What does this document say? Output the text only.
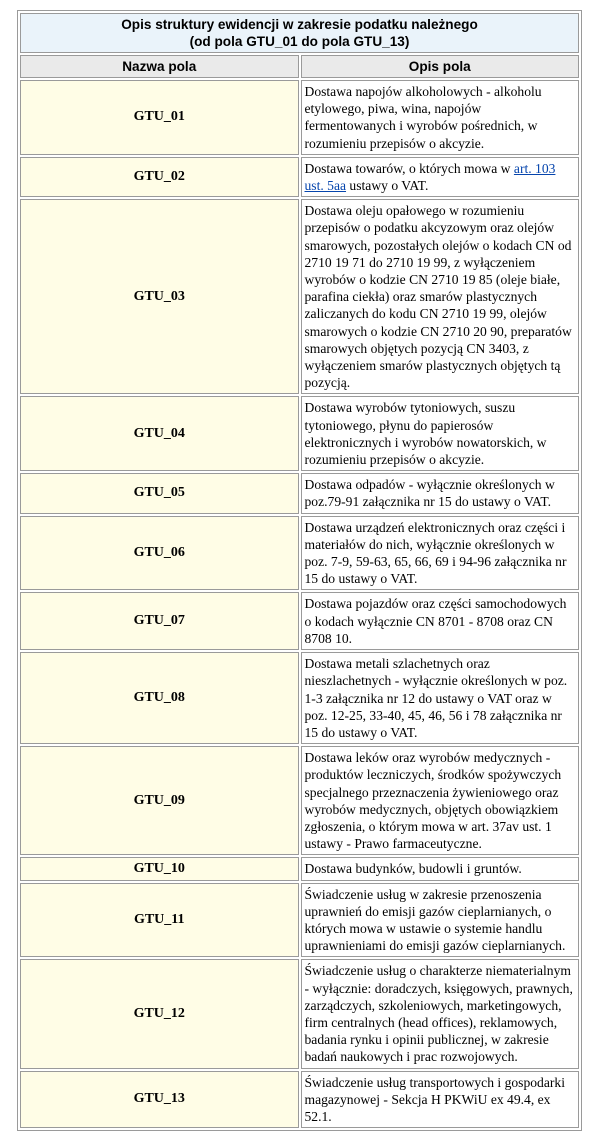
Opis struktury ewidencji w zakresie podatku należnego
(od pola GTU_01 do pola GTU_13)	
Nazwa pola	Opis pola
GTU_01	Dostawa napojów alkoholowych - alkoholu etylowego, piwa, wina, napojów fermentowanych i wyrobów pośrednich, w rozumieniu przepisów o akcyzie.
GTU_02	Dostawa towarów, o których mowa w art. 103 ust. 5aa ustawy o VAT.
GTU_03	Dostawa oleju opałowego w rozumieniu przepisów o podatku akcyzowym oraz olejów smarowych, pozostałych olejów o kodach CN od 2710 19 71 do 2710 19 99, z wyłączeniem wyrobów o kodzie CN 2710 19 85 (oleje białe, parafina ciekła) oraz smarów plastycznych zaliczanych do kodu CN 2710 19 99, olejów smarowych o kodzie CN 2710 20 90, preparatów smarowych objętych pozycją CN 3403, z wyłączeniem smarów plastycznych objętych tą pozycją.
GTU_04	Dostawa wyrobów tytoniowych, suszu tytoniowego, płynu do papierosów elektronicznych i wyrobów nowatorskich, w rozumieniu przepisów o akcyzie.
GTU_05	Dostawa odpadów - wyłącznie określonych w poz.79-91 załącznika nr 15 do ustawy o VAT.
GTU_06	Dostawa urządzeń elektronicznych oraz części i materiałów do nich, wyłącznie określonych w poz. 7-9, 59-63, 65, 66, 69 i 94-96 załącznika nr 15 do ustawy o VAT.
GTU_07	Dostawa pojazdów oraz części samochodowych o kodach wyłącznie CN 8701 - 8708 oraz CN 8708 10.
GTU_08	Dostawa metali szlachetnych oraz nieszlachetnych - wyłącznie określonych w poz. 1-3 załącznika nr 12 do ustawy o VAT oraz w poz. 12-25, 33-40, 45, 46, 56 i 78 załącznika nr 15 do ustawy o VAT.
GTU_09	Dostawa leków oraz wyrobów medycznych - produktów leczniczych, środków spożywczych specjalnego przeznaczenia żywieniowego oraz wyrobów medycznych, objętych obowiązkiem zgłoszenia, o którym mowa w art. 37av ust. 1 ustawy - Prawo farmaceutyczne.
GTU_10	Dostawa budynków, budowli i gruntów.
GTU_11	Świadczenie usług w zakresie przenoszenia uprawnień do emisji gazów cieplarnianych, o których mowa w ustawie o systemie handlu uprawnieniami do emisji gazów cieplarnianych.
GTU_12	Świadczenie usług o charakterze niematerialnym - wyłącznie: doradczych, księgowych, prawnych, zarządczych, szkoleniowych, marketingowych, firm centralnych (head offices), reklamowych, badania rynku i opinii publicznej, w zakresie badań naukowych i prac rozwojowych.
GTU_13	Świadczenie usług transportowych i gospodarki magazynowej - Sekcja H PKWiU ex 49.4, ex 52.1.
